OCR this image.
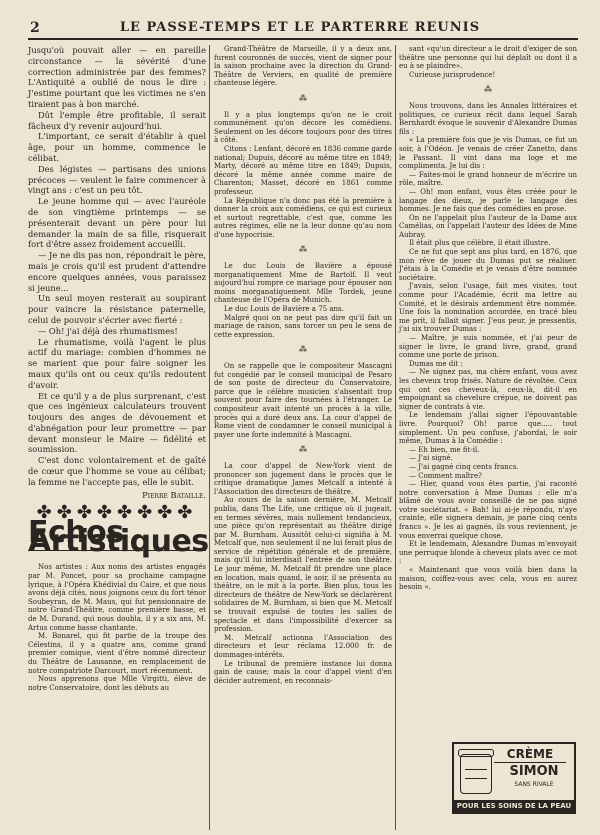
2	LE PASSE-TEMPS ET LE PARTERRE REUNIS

Jusqu'où pouvait aller — en pareille circonstance — la sévérité d'une correction administrée par des femmes? L'Antiquité a oublié de nous le dire : J'estime pourtant que les victimes ne s'en tiraient pas à bon marché.

Dût l'emple être profitable, il serait fâcheux d'y revenir aujourd'hui.

L'important, ce serait d'établir à quel âge, pour un homme, commence le célibat.

Des légistes — partisans des unions précoces — veulent le faire commencer à vingt ans : c'est un peu tôt.

Le jeune homme qui — avec l'auréole de son vingtième printemps — se présenterait devant un père pour lui demander la main de sa fille, risquerait fort d'être assez froidement accueilli.

— Je ne dis pas non, répondrait le père, mais je crois qu'il est prudent d'attendre encore quelques années, vous paraissez si jeune...

Un seul moyen resterait au soupirant pour vaincre la résistance paternelle, celui de pouvoir s'écrier avec fierté :

— Oh! j'ai déjà des rhumatismes!

Le rhumatisme, voilà l'agent le plus actif du mariage: combien d'hommes ne se marient que pour faire soigner les maux qu'ils ont ou ceux qu'ils redoutent d'avoir.

Et ce qu'il y a de plus surprenant, c'est que ces ingénieux calculateurs trouvent toujours des anges de dévouement et d'abnégation pour leur promettre — par devant monsieur le Maire — fidélité et soumission.

C'est donc volontairement et de gaîté de cœur que l'homme se voue au célibat; la femme ne l'accepte pas, elle le subit.

Pierre Bataille.
✤✤✤✤✤✤✤✤
Echos Artistiques

Nos artistes : Aux noms des artistes engagés par M. Poncet, pour sa prochaine campagne lyrique, à l'Opéra Khédivial du Caire, et que nous avons déjà cités, nous joignons ceux du fort ténor Soubeyran, de M. Maus, qui fut pensionnaire de notre Grand-Théâtre, comme première basse, et de M. Durand, qui nous doubla, il y a six ans, M. Artus comme basse chantante.

M. Bonarel, qui fit partie de la troupe des Célestins, il y a quatre ans, comme grand premier comique, vient d'être nommé directeur du Théâtre de Lausanne, en remplacement de notre compatriote Darcourt, mort récemment.

Nous apprenons que Mlle Virgitti, élève de notre Conservatoire, dont les débuts au

Grand-Théâtre de Marseille, il y a deux ans, furent couronnés de succès, vient de signer pour la saison prochaine avec la direction du Grand-Théâtre de Verviers, en qualité de première chanteuse légère.

⁂

Il y a plus longtemps qu'on ne le croit communément qu'on décore les comédiens. Seulement on les décore toujours pour des titres à côté.

Citons : Lenfant, décoré en 1836 comme garde national; Dupuis, décoré au même titre en 1849; Marty, décoré au même titre en 1849; Dupuis, décoré la même année comme maire de Charenton; Masset, décoré en 1861 comme professeur.

La République n'a donc pas été la première à donner la croix aux comédiens, ce qui est curieux et surtout regrettable, c'est que, comme les autres régimes, elle ne la leur donne qu'au nom d'une hypocrisie.

⁂

Le duc Louis de Bavière a épousé morganatiquement Mme de Bartolf. Il veut aujourd'hui rompre ce mariage pour épouser non moins morganatiquement Mlle Tordek, jeune chanteuse de l'Opéra de Munich.

Le duc Louis de Bavière a 75 ans.

Malgré quoi on ne peut pas dire qu'il fait un mariage de raison, sans torcer un peu le sens de cette expression.

⁂

On se rappelle que le compositeur Mascagni fut congédié par le conseil municipal de Pesaro de son poste de directeur du Conservatoire, parce que le célèbre musicien s'absentait trop souvent pour faire des tournées à l'étranger. Le compositeur avait intenté un procès à la ville, procès qui a duré deux ans. La cour d'appel de Rome vient de condamner le conseil municipal à payer une forte indemnité à Mascagni.

⁂

La cour d'appel de New-York vient de prononcer son jugement dans le procès que le critique dramatique James Metcalf a intenté à l'Association des directeurs de théâtre.

Au cours de la saison dernière, M. Metcalf publia, dans The Life, une critique où il jugeait, en termes sévères, mais nullement tendancieux, une pièce qu'on représentait au théâtre dirigé par M. Burnham. Aussitôt celui-ci signifia à M. Metcalf que, non seulement il ne lui ferait plus de service de répétition générale et de première, mais qu'il lui interdisait l'entrée de son théâtre. Le jour même, M. Metcalf fit prendre une place en location, mais quand, le soir, il se présenta au théâtre, on le mit à la porte. Bien plus, tous les directeurs de théâtre de New-York se déclarèrent solidaires de M. Burnham, si bien que M. Metcalf se trouvait expulsé de toutes les salles de spectacle et dans l'impossibilité d'exercer sa profession.

M. Metcalf actionna l'Association des directeurs et leur réclama 12.000 fr. de dommages-intérêts.

Le tribunal de première instance lui donna gain de cause; mais la cour d'appel vient d'en décider autrement, en reconnais-

sant «qu'un directeur a le droit d'exiger de son théâtre une personne qui lui déplaît ou dont il a eu à se plaindre».

Curieuse jurisprudence!

⁂

Nous trouvons, dans les Annales littéraires et politiques, ce curieux récit dans lequel Sarah Bernhardt évoque le souvenir d'Alexandre Dumas fils :

« La première fois que je vis Dumas, ce fut un soir, à l'Odéon. Je venais de créer Zanetto, dans le Passant. Il vint dans ma loge et me complimenta. Je lui dis :

— Faites-moi le grand honneur de m'écrire un rôle, maître.

— Oh! mon enfant, vous êtes créée pour le langage des dieux, je parle le langage des hommes. Je ne fais que des comédies en prose.

On ne l'appelait plus l'auteur de la Dame aux Camélias, on l'appelait l'auteur des Idées de Mme Aubray.

Il était plus que célèbre, il était illustre.

Ce ne fut que sept ans plus tard, en 1876, que mon rêve de jouer du Dumas put se réaliser. J'étais à la Comédie et je venais d'être nommée sociétaire.

J'avais, selon l'usage, fait mes visites, tout comme pour l'Académie, écrit ma lettre au Comité, et le désirais ardemment être nommée. Une fois la nomination accordée, en tracé bleu me prit, il fallait signer. J'eus peur, je pressentis, j'ai six trouver Dumas :

— Maître, je suis nommée, et j'ai peur de signer le livre, le grand livre, grand, grand comme une porte de prison.

Dumas me dit :

— Ne signez pas, ma chère enfant, vous avez les cheveux trop frisés. Nature de révoltée. Ceux qui ont ces cheveux-là, ceux-là, dit-il en empoignant sa chevelure crépue, ne doivent pas signer de contrats à vie.

Le lendemain j'allai signer l'épouvantable livre. Pourquoi? Oh! parce que..... tout simplement. Un peu confuse, j'abordai, le soir même, Dumas à la Comédie :

— Eh bien, me fit-il.

— J'ai signé.

— J'ai gagné cinq cents francs.

— Comment maître?

— Hier, quand vous êtes partie, j'ai raconté notre conversation à Mme Dumas : elle m'a blâmé de vous avoir conseillé de ne pas signé votre sociétariat. « Bah! lui ai-je répondu, n'aye crainte, elle signera demain, je parie cinq cents francs ». Je les ai gagnés, ils vous reviennent, je vous enverrai quelque chose.

Et le lendemain, Alexandre Dumas m'envoyait une perruque blonde à cheveux plats avec ce mot :

« Maintenant que vous voilà bien dans la maison, coiffez-vous avec cela, vous en aurez besoin ».

CRÈME
SIMON
SANS RIVALE
POUR LES SOINS DE LA PEAU
